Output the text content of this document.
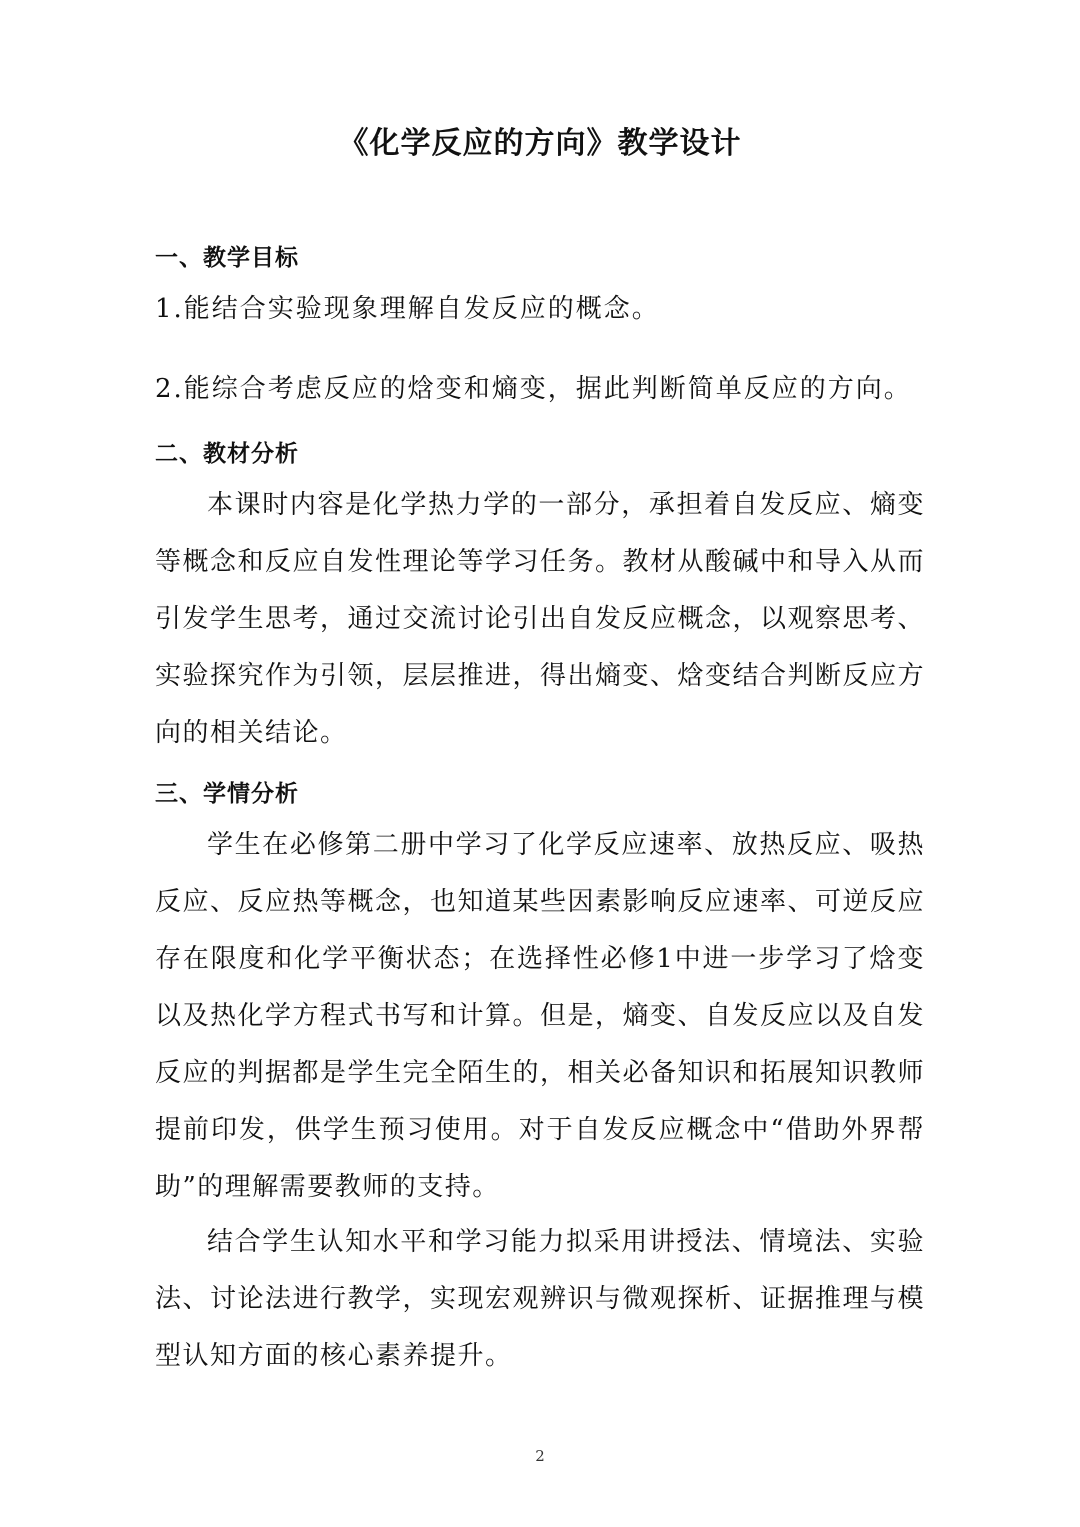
《化学反应的方向》教学设计
一、教学目标
1.能结合实验现象理解自发反应的概念。
2.能综合考虑反应的焓变和熵变，据此判断简单反应的方向。
二、教材分析
本课时内容是化学热力学的一部分，承担着自发反应、熵变等概念和反应自发性理论等学习任务。教材从酸碱中和导入从而引发学生思考，通过交流讨论引出自发反应概念，以观察思考、实验探究作为引领，层层推进，得出熵变、焓变结合判断反应方向的相关结论。
三、学情分析
学生在必修第二册中学习了化学反应速率、放热反应、吸热反应、反应热等概念，也知道某些因素影响反应速率、可逆反应存在限度和化学平衡状态；在选择性必修1中进一步学习了焓变以及热化学方程式书写和计算。但是，熵变、自发反应以及自发反应的判据都是学生完全陌生的，相关必备知识和拓展知识教师提前印发，供学生预习使用。对于自发反应概念中“借助外界帮助”的理解需要教师的支持。
结合学生认知水平和学习能力拟采用讲授法、情境法、实验法、讨论法进行教学，实现宏观辨识与微观探析、证据推理与模型认知方面的核心素养提升。
2
